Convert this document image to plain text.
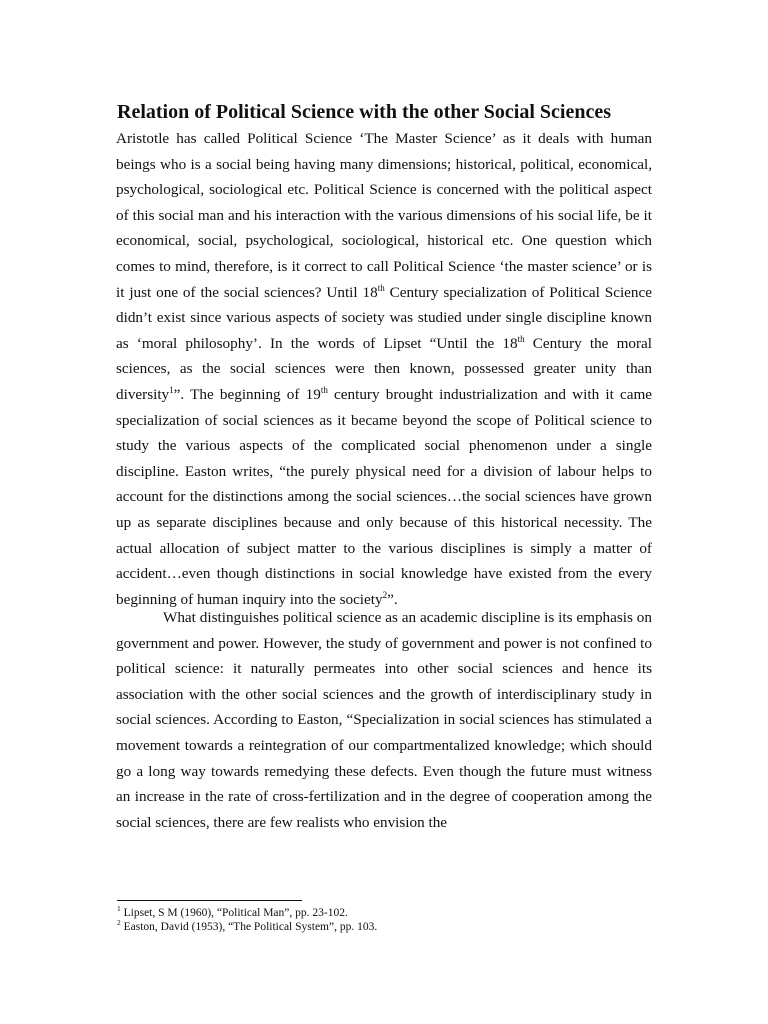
Relation of Political Science with the other Social Sciences

Aristotle has called Political Science ‘The Master Science’ as it deals with human beings who is a social being having many dimensions; historical, political, economical, psychological, sociological etc. Political Science is concerned with the political aspect of this social man and his interaction with the various dimensions of his social life, be it economical, social, psychological, sociological, historical etc. One question which comes to mind, therefore, is it correct to call Political Science ‘the master science’ or is it just one of the social sciences? Until 18th Century specialization of Political Science didn’t exist since various aspects of society was studied under single discipline known as ‘moral philosophy’. In the words of Lipset “Until the 18th Century the moral sciences, as the social sciences were then known, possessed greater unity than diversity$^1$”. The beginning of 19th century brought industrialization and with it came specialization of social sciences as it became beyond the scope of Political science to study the various aspects of the complicated social phenomenon under a single discipline. Easton writes, “the purely physical need for a division of labour helps to account for the distinctions among the social sciences…the social sciences have grown up as separate disciplines because and only because of this historical necessity. The actual allocation of subject matter to the various disciplines is simply a matter of accident…even though distinctions in social knowledge have existed from the every beginning of human inquiry into the society$^2$”.

What distinguishes political science as an academic discipline is its emphasis on government and power. However, the study of government and power is not confined to political science: it naturally permeates into other social sciences and hence its association with the other social sciences and the growth of interdisciplinary study in social sciences. According to Easton, “Specialization in social sciences has stimulated a movement towards a reintegration of our compartmentalized knowledge; which should go a long way towards remedying these defects. Even though the future must witness an increase in the rate of cross-fertilization and in the degree of cooperation among the social sciences, there are few realists who envision the

$^1$ Lipset, S M (1960), “Political Man”, pp. 23-102.
$^2$ Easton, David (1953), “The Political System”, pp. 103.
